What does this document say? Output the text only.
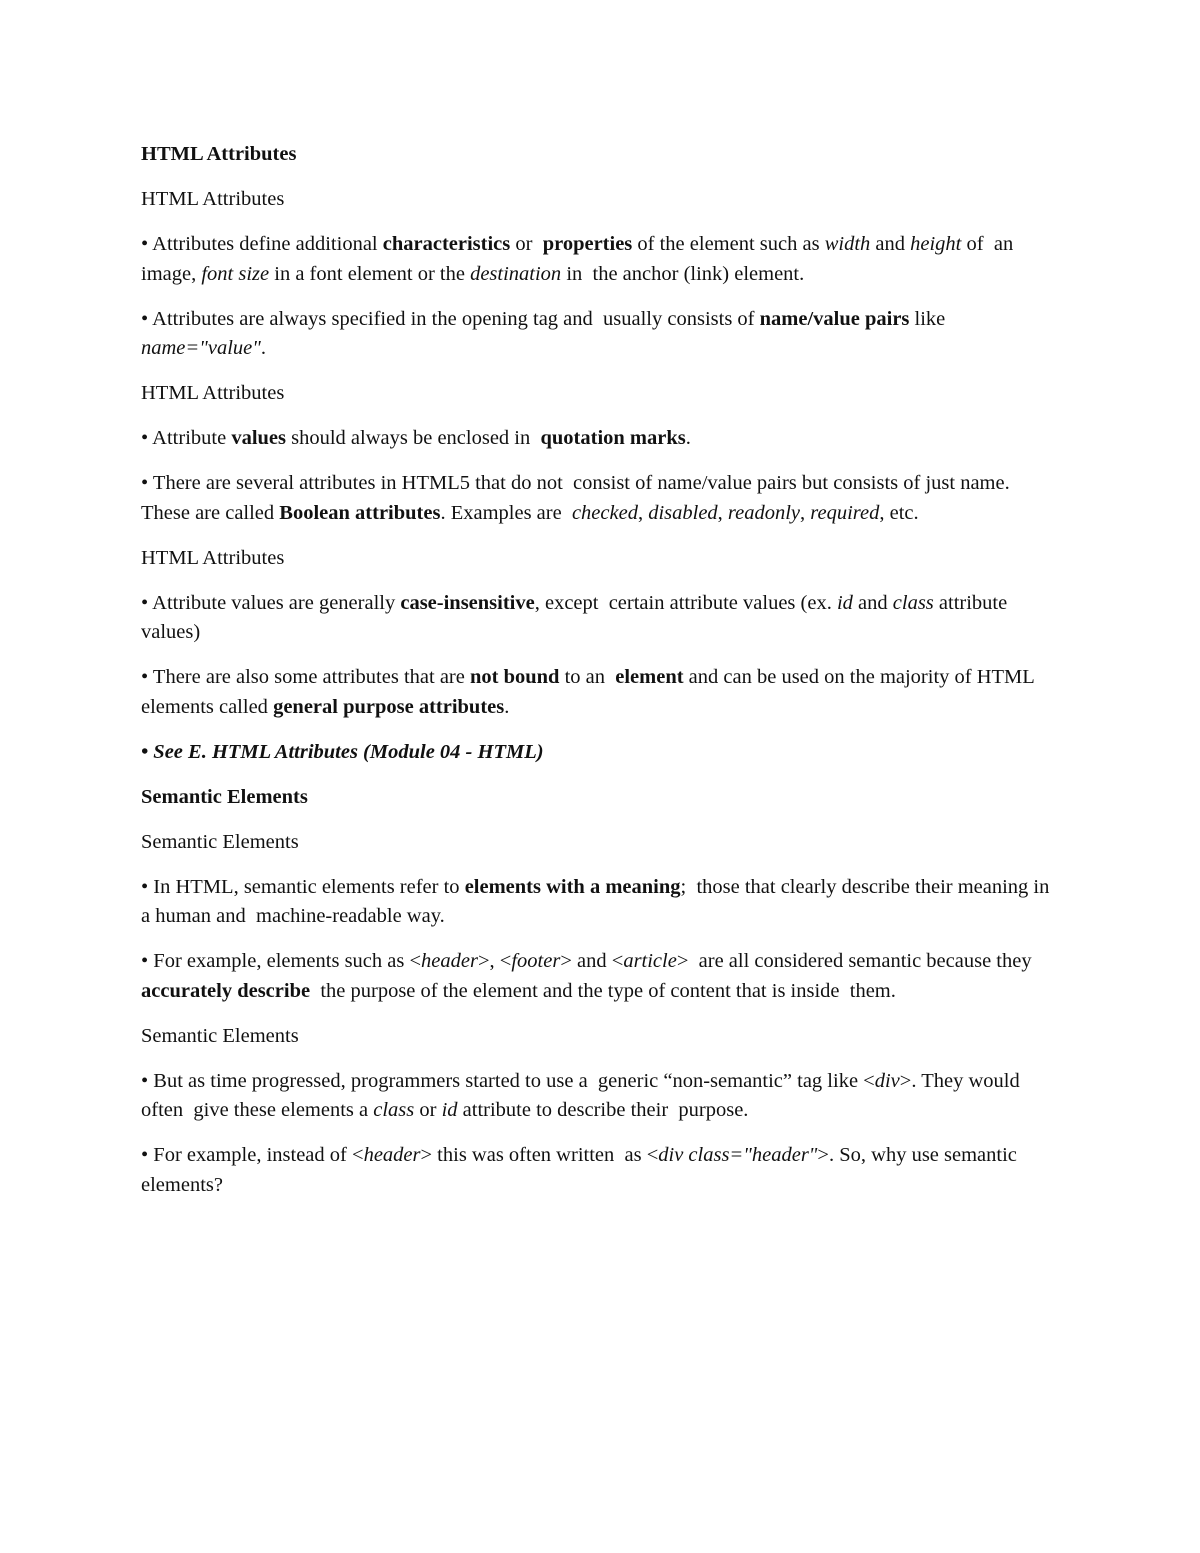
HTML Attributes

HTML Attributes

• Attributes define additional characteristics or  properties of the element such as width and height of  an image, font size in a font element or the destination in  the anchor (link) element.

• Attributes are always specified in the opening tag and  usually consists of name/value pairs like name="value".

HTML Attributes

• Attribute values should always be enclosed in  quotation marks.

• There are several attributes in HTML5 that do not  consist of name/value pairs but consists of just name.  These are called Boolean attributes. Examples are  checked, disabled, readonly, required, etc.

HTML Attributes

• Attribute values are generally case-insensitive, except  certain attribute values (ex. id and class attribute values)

• There are also some attributes that are not bound to an  element and can be used on the majority of HTML  elements called general purpose attributes.

• See E. HTML Attributes (Module 04 - HTML)

Semantic Elements

Semantic Elements

• In HTML, semantic elements refer to elements with a meaning;  those that clearly describe their meaning in a human and  machine-readable way.

• For example, elements such as <header>, <footer> and <article>  are all considered semantic because they accurately describe  the purpose of the element and the type of content that is inside  them.

Semantic Elements

• But as time progressed, programmers started to use a  generic “non-semantic” tag like <div>. They would often  give these elements a class or id attribute to describe their  purpose.

• For example, instead of <header> this was often written  as <div class="header">. So, why use semantic elements?
